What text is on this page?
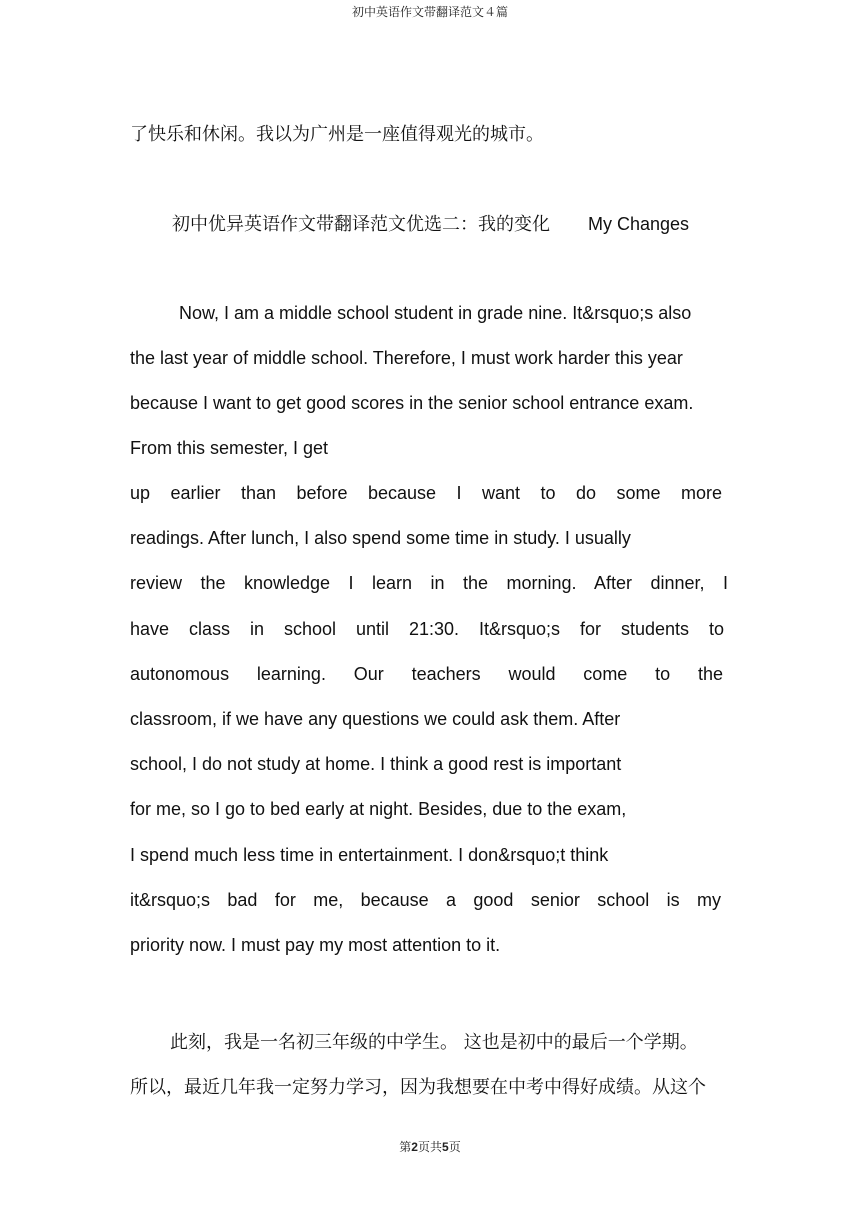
初中英语作文带翻译范文４篇
了快乐和休闲。我以为广州是一座值得观光的城市。
初中优异英语作文带翻译范文优选二：我的变化 My Changes
Now, I am a middle school student in grade nine. It&rsquo;s also
the last year of middle school. Therefore, I must work harder this year
because I want to get good scores in the senior school entrance exam.
From this semester, I get
up earlier than before because I want to do some more
readings. After lunch, I also spend some time in study. I usually
review the knowledge I learn in the morning. After dinner, I
have class in school until 21:30. It&rsquo;s for students to
autonomous learning. Our teachers would come to the
classroom, if we have any questions we could ask them. After
school, I do not study at home. I think a good rest is important
for me, so I go to bed early at night. Besides, due to the exam,
I spend much less time in entertainment. I don&rsquo;t think
it&rsquo;s bad for me, because a good senior school is my
priority now. I must pay my most attention to it.
此刻，我是一名初三年级的中学生。 这也是初中的最后一个学期。
所以，最近几年我一定努力学习，因为我想要在中考中得好成绩。从这个
第2页共5页
